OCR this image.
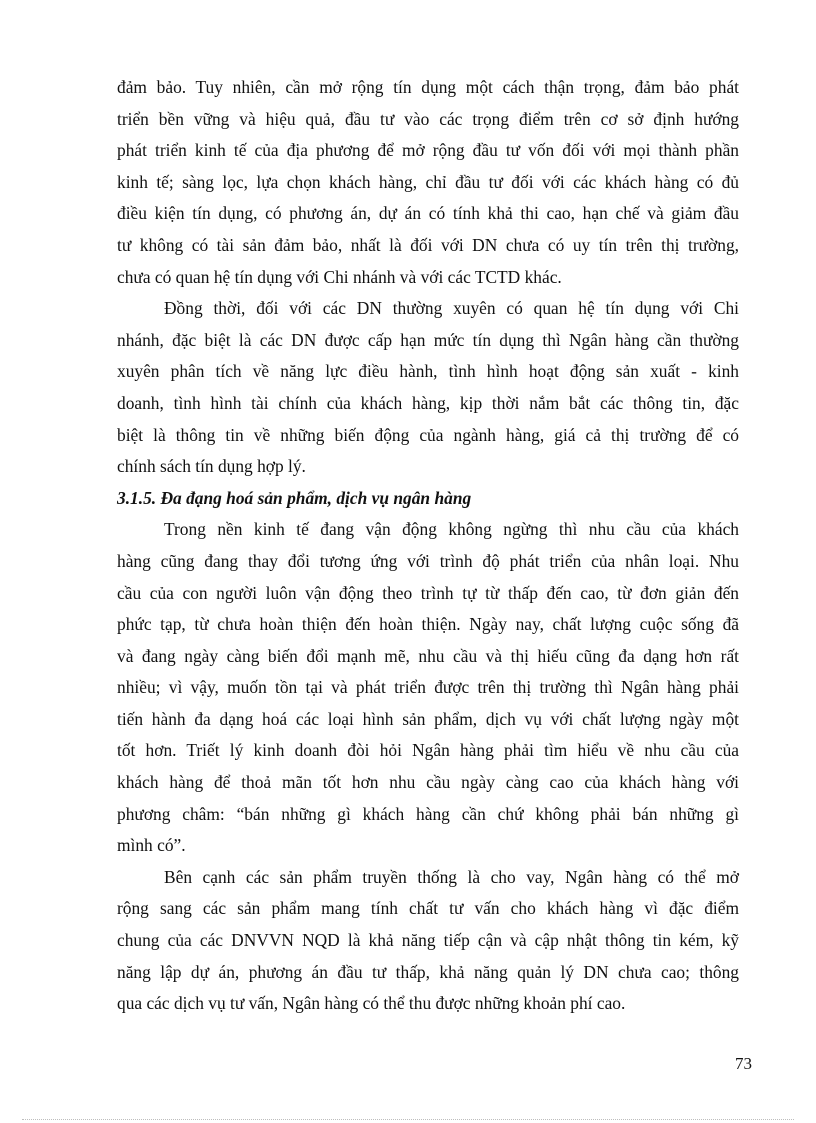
đảm bảo. Tuy nhiên, cần mở rộng tín dụng một cách thận trọng, đảm bảo phát
triển bền vững và hiệu quả, đầu tư vào các trọng điểm trên cơ sở định hướng
phát triển kinh tế của địa phương để mở rộng đầu tư vốn đối với mọi thành phần
kinh tế; sàng lọc, lựa chọn khách hàng, chỉ đầu tư đối với các khách hàng có đủ
điều kiện tín dụng, có phương án, dự án có tính khả thi cao, hạn chế và giảm đầu
tư không có tài sản đảm bảo, nhất là đối với DN chưa có uy tín trên thị trường,
chưa có quan hệ tín dụng với Chi nhánh và với các TCTD khác.
Đồng thời, đối với các DN thường xuyên có quan hệ tín dụng với Chi
nhánh, đặc biệt là các DN được cấp hạn mức tín dụng thì Ngân hàng cần thường
xuyên phân tích về năng lực điều hành, tình hình hoạt động sản xuất - kinh
doanh, tình hình tài chính của khách hàng, kịp thời nắm bắt các thông tin, đặc
biệt là thông tin về những biến động của ngành hàng, giá cả thị trường để có
chính sách tín dụng hợp lý.
3.1.5. Đa đạng hoá sản phẩm, dịch vụ ngân hàng
Trong nền kinh tế đang vận động không ngừng thì nhu cầu của khách
hàng cũng đang thay đổi tương ứng với trình độ phát triển của nhân loại. Nhu
cầu của con người luôn vận động theo trình tự từ thấp đến cao, từ đơn giản đến
phức tạp, từ chưa hoàn thiện đến hoàn thiện. Ngày nay, chất lượng cuộc sống đã
và đang ngày càng biến đổi mạnh mẽ, nhu cầu và thị hiếu cũng đa dạng hơn rất
nhiều; vì vậy, muốn tồn tại và phát triển được trên thị trường thì Ngân hàng phải
tiến hành đa dạng hoá các loại hình sản phẩm, dịch vụ với chất lượng ngày một
tốt hơn. Triết lý kinh doanh đòi hỏi Ngân hàng phải tìm hiểu về nhu cầu của
khách hàng để thoả mãn tốt hơn nhu cầu ngày càng cao của khách hàng với
phương châm: “bán những gì khách hàng cần chứ không phải bán những gì
mình có”.
Bên cạnh các sản phẩm truyền thống là cho vay, Ngân hàng có thể mở
rộng sang các sản phẩm mang tính chất tư vấn cho khách hàng vì đặc điểm
chung của các DNVVN NQD là khả năng tiếp cận và cập nhật thông tin kém, kỹ
năng lập dự án, phương án đầu tư thấp, khả năng quản lý DN chưa cao; thông
qua các dịch vụ tư vấn, Ngân hàng có thể thu được những khoản phí cao.
73
